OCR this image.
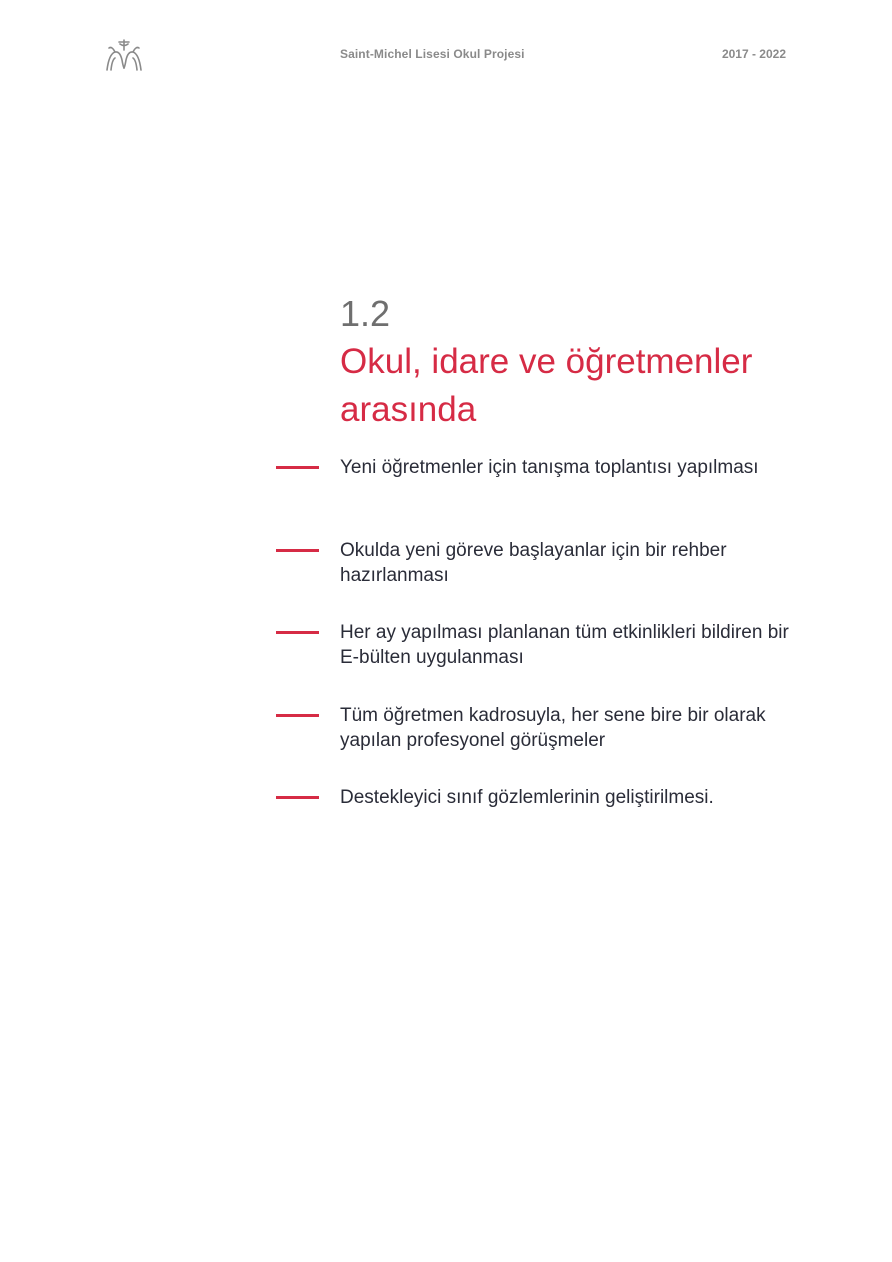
Saint-Michel Lisesi Okul Projesi	2017 - 2022
1.2
Okul, idare ve öğretmenler arasında
Yeni öğretmenler için tanışma toplantısı yapılması
Okulda yeni göreve başlayanlar için bir rehber hazırlanması
Her ay yapılması planlanan tüm etkinlikleri bildiren bir E-bülten uygulanması
Tüm öğretmen kadrosuyla, her sene bire bir olarak yapılan profesyonel görüşmeler
Destekleyici sınıf gözlemlerinin geliştirilmesi.
